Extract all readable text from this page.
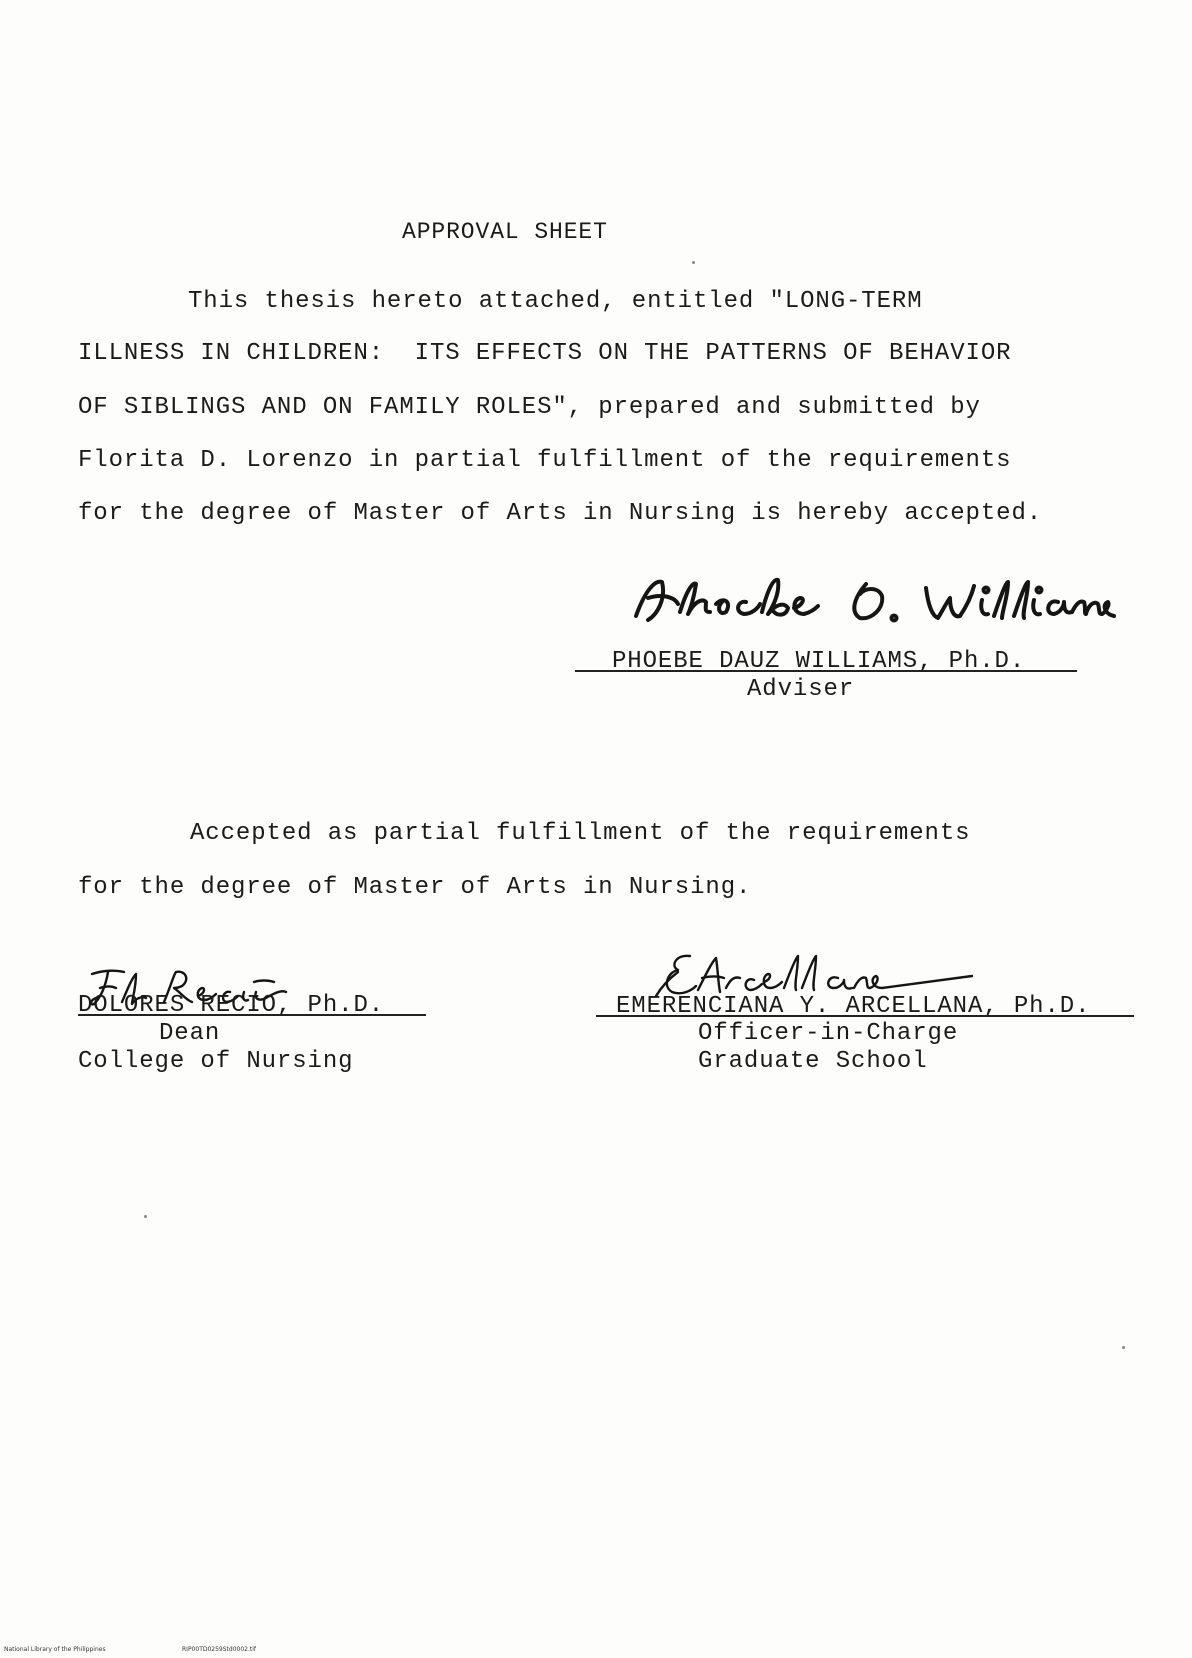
APPROVAL SHEET
This thesis hereto attached, entitled "LONG-TERM
ILLNESS IN CHILDREN:  ITS EFFECTS ON THE PATTERNS OF BEHAVIOR
OF SIBLINGS AND ON FAMILY ROLES", prepared and submitted by
Florita D. Lorenzo in partial fulfillment of the requirements
for the degree of Master of Arts in Nursing is hereby accepted.
PHOEBE DAUZ WILLIAMS, Ph.D.
Adviser
Accepted as partial fulfillment of the requirements
for the degree of Master of Arts in Nursing.
DOLORES RECIO, Ph.D.
Dean
College of Nursing
EMERENCIANA Y. ARCELLANA, Ph.D.
Officer-in-Charge
Graduate School
National Library of the Philippines	RIP00TD0259Std0002.tif
